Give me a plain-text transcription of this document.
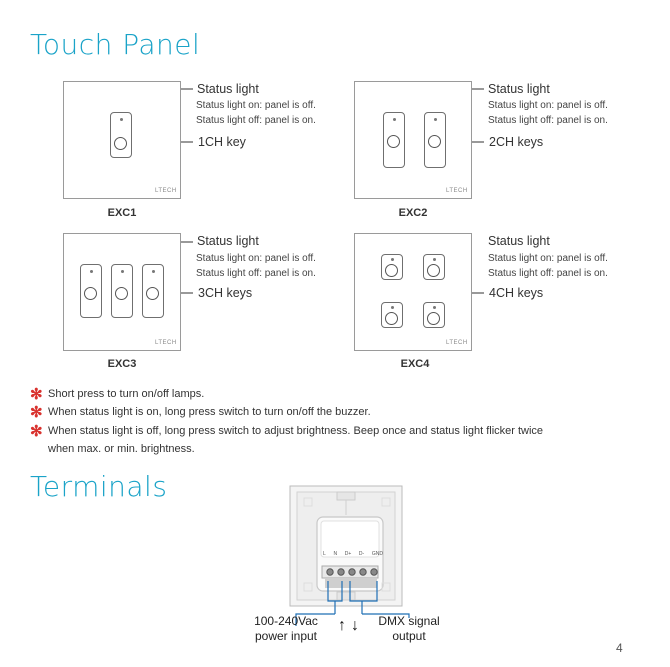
Touch Panel
LTECH
EXC1
Status light
Status light on: panel is off.
Status light off: panel is on.
1CH key
LTECH
EXC2
Status light
Status light on: panel is off.
Status light off: panel is on.
2CH keys
LTECH
EXC3
Status light
Status light on: panel is off.
Status light off: panel is on.
3CH keys
LTECH
EXC4
Status light
Status light on: panel is off.
Status light off: panel is on.
4CH keys
✻ Short press to turn on/off lamps.
✻ When status light is on, long press switch to turn on/off the buzzer.
✻ When status light is off, long press switch to adjust brightness. Beep once and status light flicker twice
when max. or min. brightness.
Terminals
L N D+ D- GND
100-240Vac
power input
↑ ↓	DMX signal
output
4
